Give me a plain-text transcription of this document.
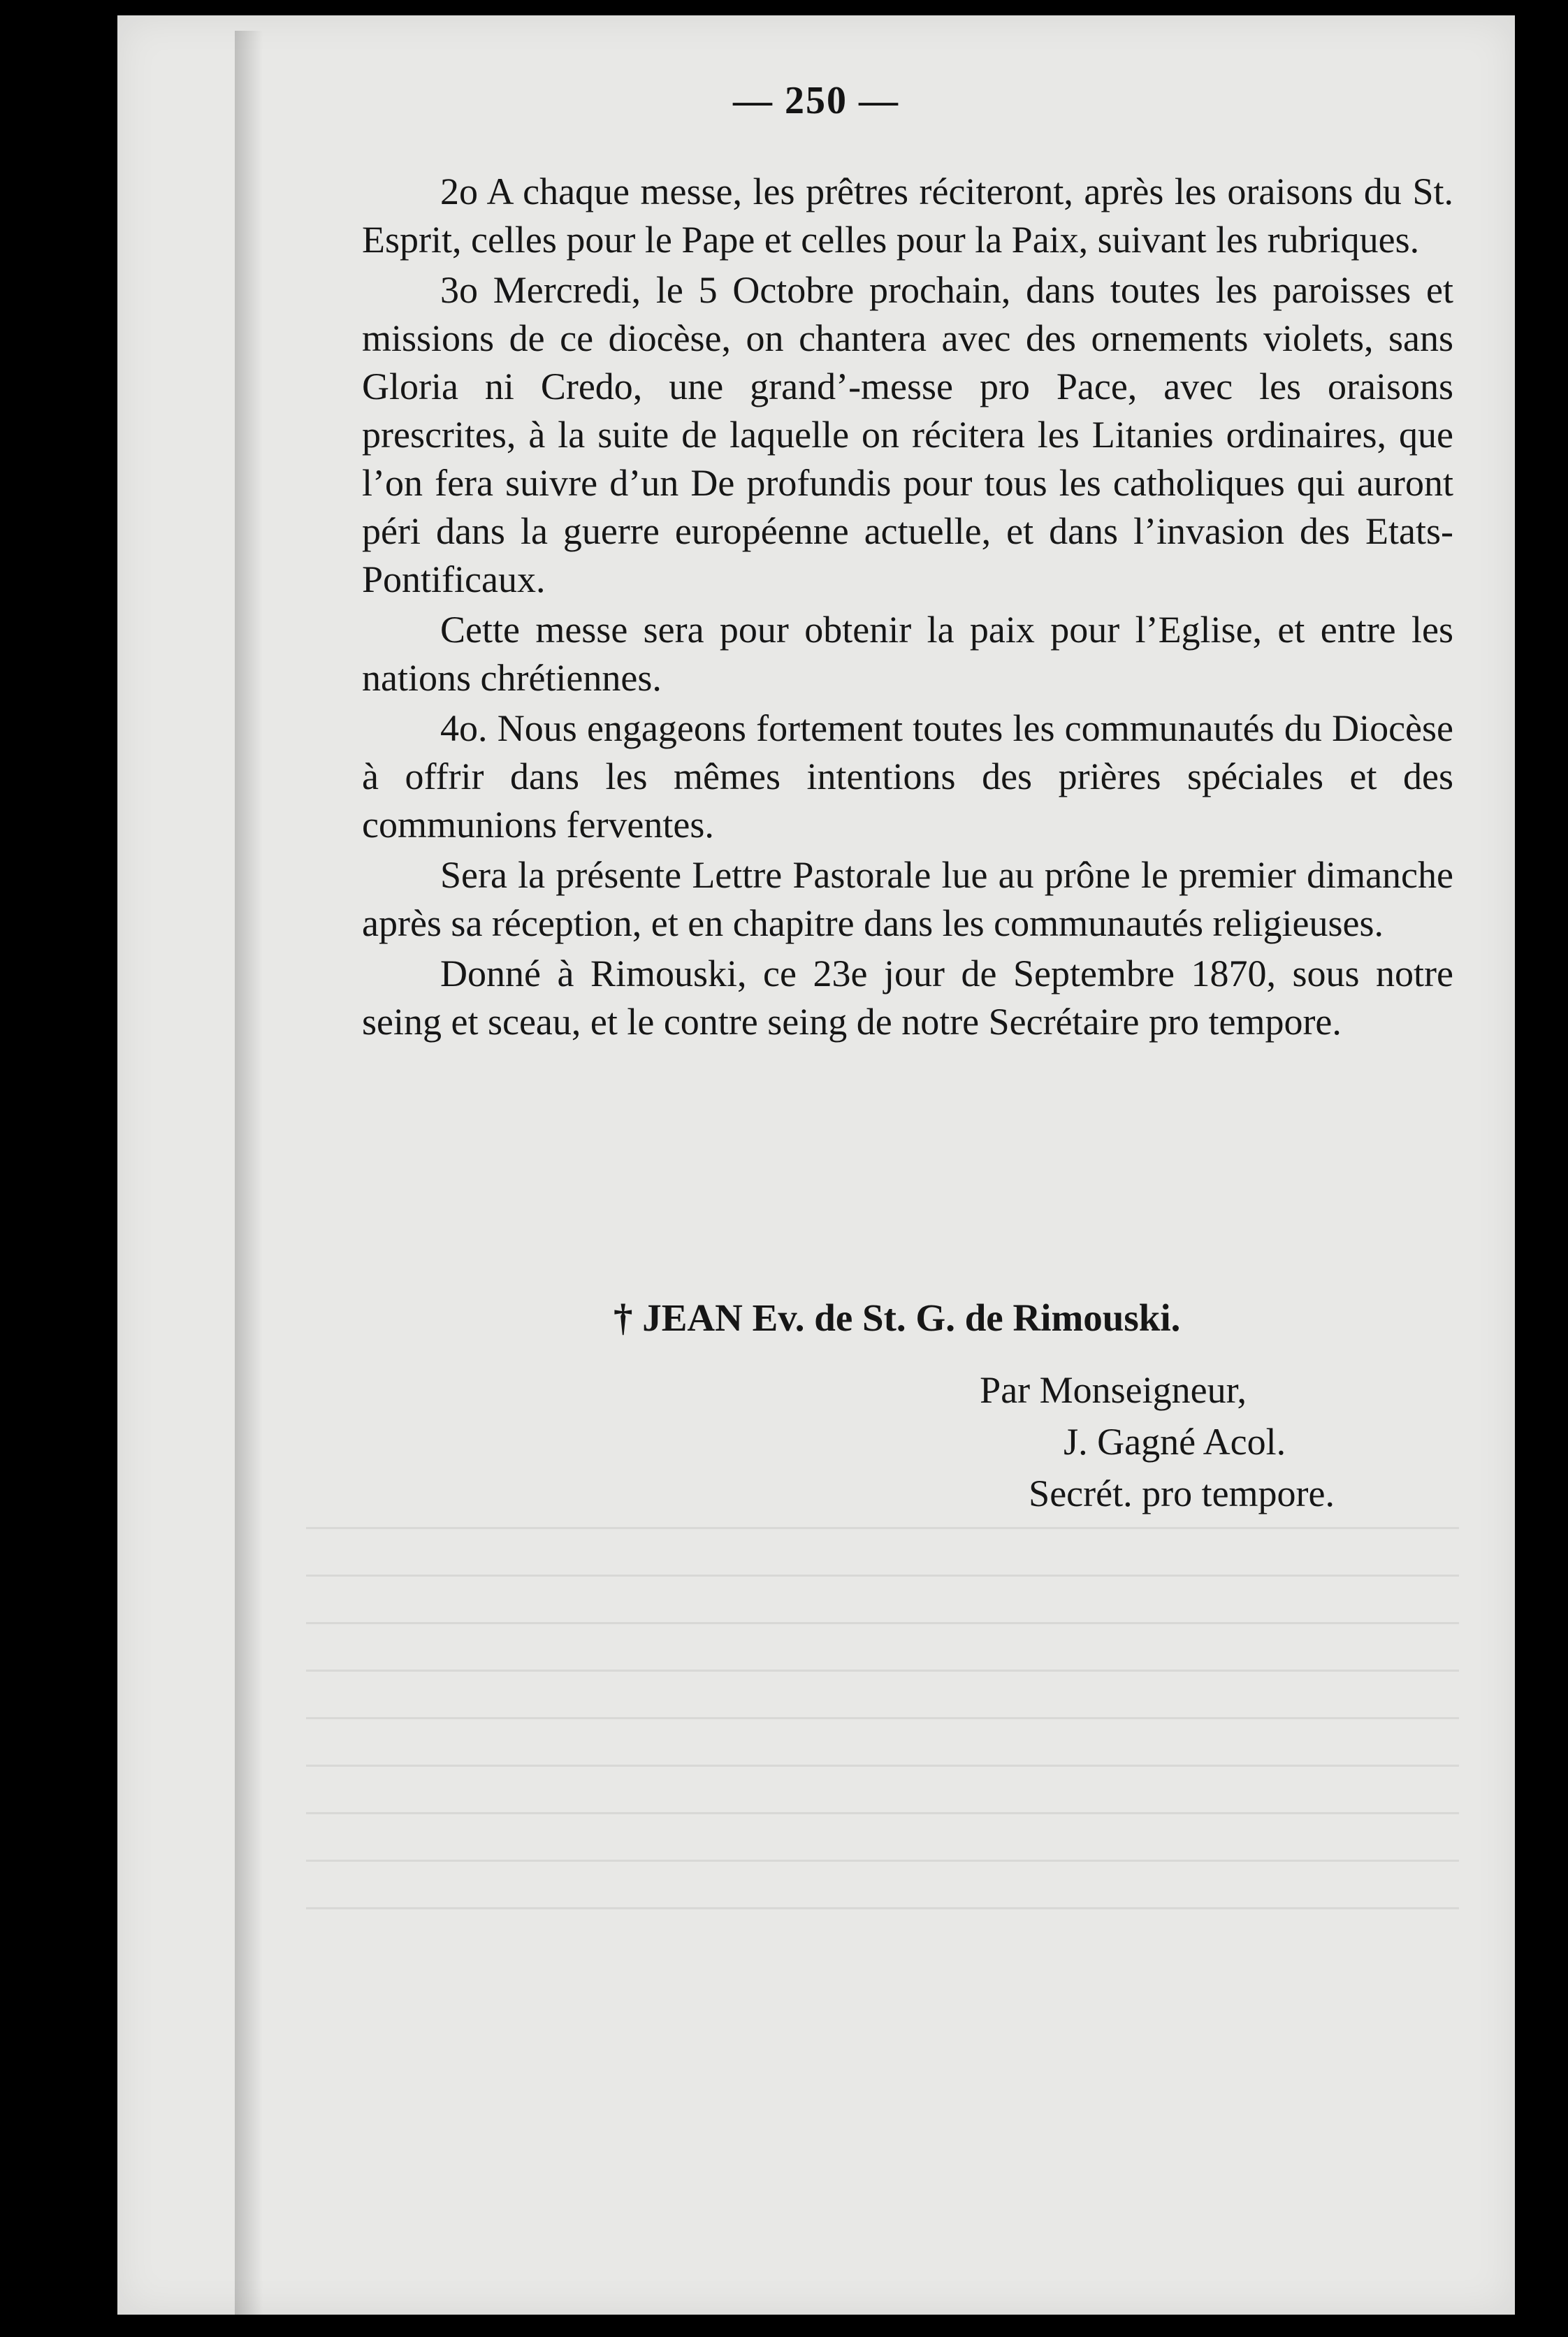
— 250 —

2o A chaque messe, les prêtres réciteront, après les oraisons du St. Esprit, celles pour le Pape et celles pour la Paix, suivant les rubriques.

3o Mercredi, le 5 Octobre prochain, dans toutes les paroisses et missions de ce diocèse, on chantera avec des ornements violets, sans Gloria ni Credo, une grand’-messe pro Pace, avec les oraisons prescrites, à la suite de laquelle on récitera les Litanies ordinaires, que l’on fera suivre d’un De profundis pour tous les catholiques qui auront péri dans la guerre européenne actuelle, et dans l’invasion des Etats-Pontificaux.

Cette messe sera pour obtenir la paix pour l’Eglise, et entre les nations chrétiennes.

4o. Nous engageons fortement toutes les communautés du Diocèse à offrir dans les mêmes intentions des prières spéciales et des communions ferventes.

Sera la présente Lettre Pastorale lue au prône le premier dimanche après sa réception, et en chapitre dans les communautés religieuses.

Donné à Rimouski, ce 23e jour de Septembre 1870, sous notre seing et sceau, et le contre seing de notre Secrétaire pro tempore.

† JEAN Ev. de St. G. de Rimouski.
Par Monseigneur,
J. Gagné Acol.
Secrét. pro tempore.
